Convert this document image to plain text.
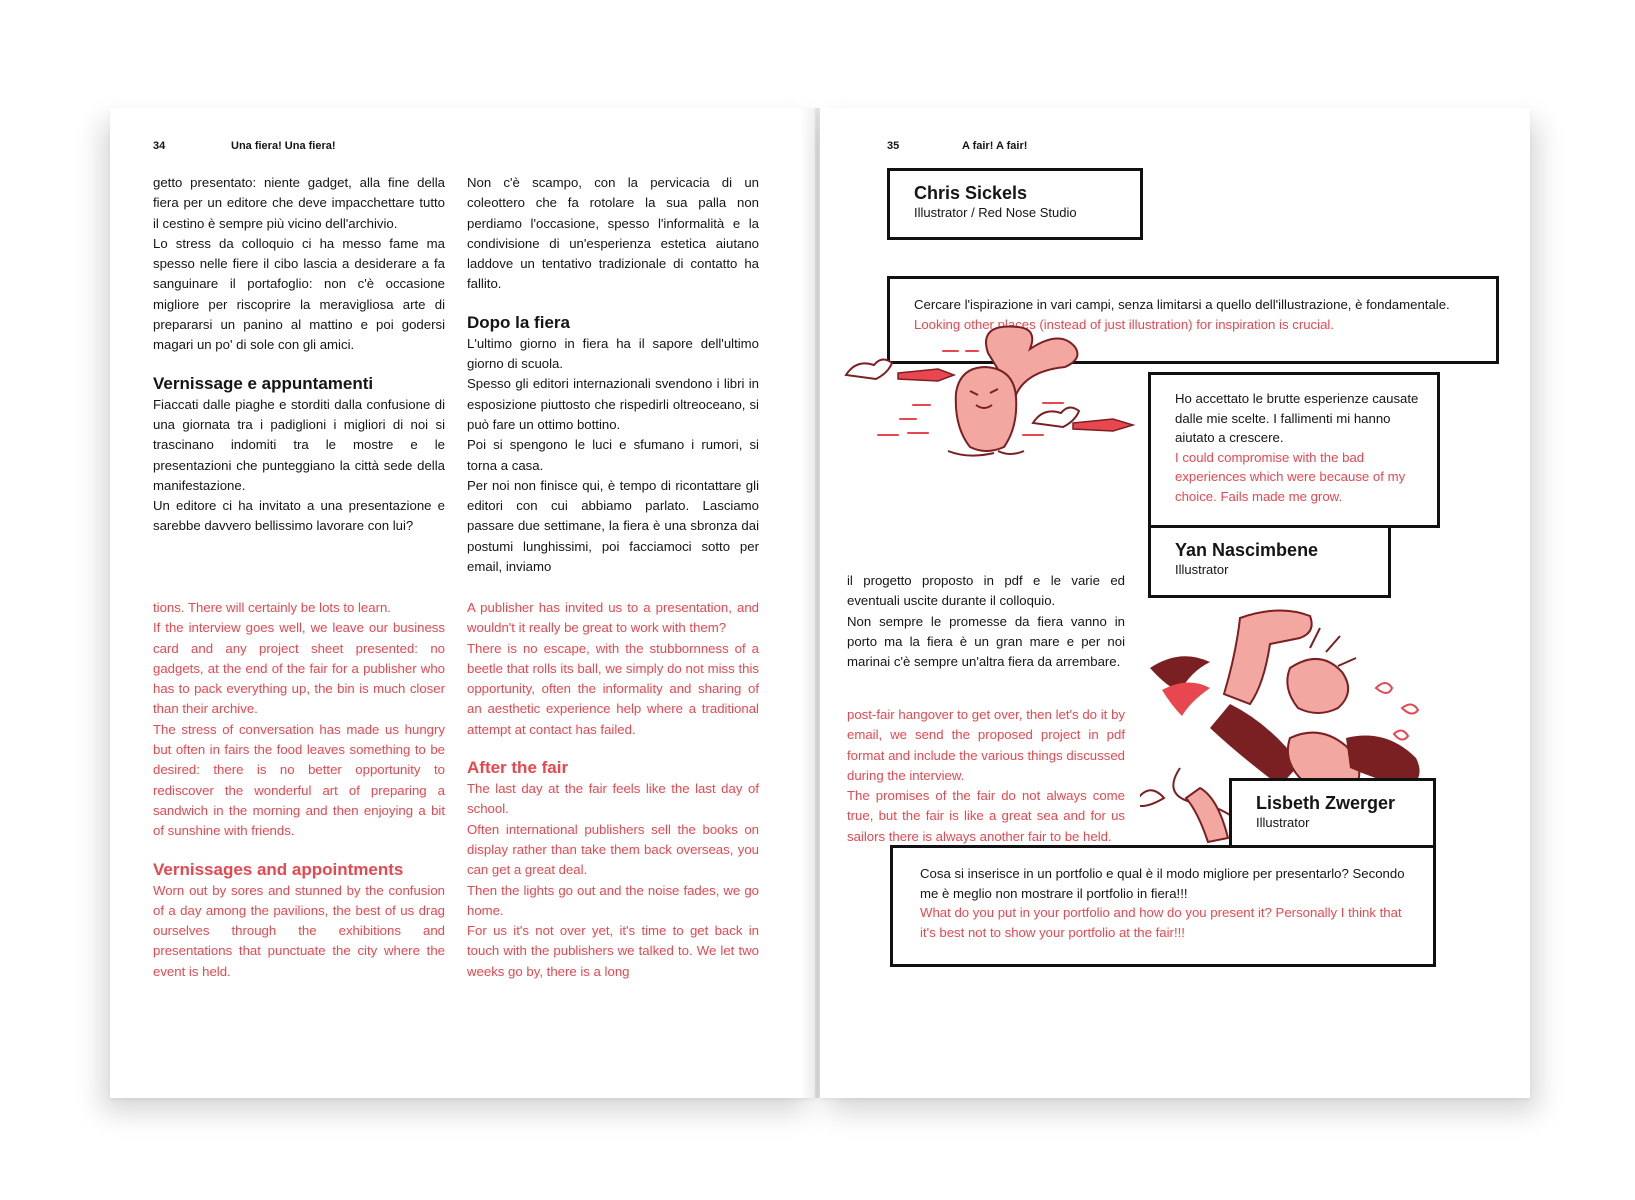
34	Una fiera! Una fiera!

getto presentato: niente gadget, alla fine della fiera per un editore che deve impacchettare tutto il cestino è sempre più vicino dell'archivio.

Lo stress da colloquio ci ha messo fame ma spesso nelle fiere il cibo lascia a desiderare a fa sanguinare il portafoglio: non c'è occasione migliore per riscoprire la meravigliosa arte di prepararsi un panino al mattino e poi godersi magari un po' di sole con gli amici.

Vernissage e appuntamenti

Fiaccati dalle piaghe e storditi dalla confusione di una giornata tra i padiglioni i migliori di noi si trascinano indomiti tra le mostre e le presentazioni che punteggiano la città sede della manifestazione.

Un editore ci ha invitato a una presentazione e sarebbe davvero bellissimo lavorare con lui?

Non c'è scampo, con la pervicacia di un coleottero che fa rotolare la sua palla non perdiamo l'occasione, spesso l'informalità e la condivisione di un'esperienza estetica aiutano laddove un tentativo tradizionale di contatto ha fallito.

Dopo la fiera

L'ultimo giorno in fiera ha il sapore dell'ultimo giorno di scuola.

Spesso gli editori internazionali svendono i libri in esposizione piuttosto che rispedirli oltreoceano, si può fare un ottimo bottino.

Poi si spengono le luci e sfumano i rumori, si torna a casa.

Per noi non finisce qui, è tempo di ricontattare gli editori con cui abbiamo parlato. Lasciamo passare due settimane, la fiera è una sbronza dai postumi lunghissimi, poi facciamoci sotto per email, inviamo

tions. There will certainly be lots to learn.

If the interview goes well, we leave our business card and any project sheet presented: no gadgets, at the end of the fair for a publisher who has to pack everything up, the bin is much closer than their archive.

The stress of conversation has made us hungry but often in fairs the food leaves something to be desired: there is no better opportunity to rediscover the wonderful art of preparing a sandwich in the morning and then enjoying a bit of sunshine with friends.

Vernissages and appointments

Worn out by sores and stunned by the confusion of a day among the pavilions, the best of us drag ourselves through the exhibitions and presentations that punctuate the city where the event is held.

A publisher has invited us to a presentation, and wouldn't it really be great to work with them?

There is no escape, with the stubbornness of a beetle that rolls its ball, we simply do not miss this opportunity, often the informality and sharing of an aesthetic experience help where a traditional attempt at contact has failed.

After the fair

The last day at the fair feels like the last day of school.

Often international publishers sell the books on display rather than take them back overseas, you can get a great deal.

Then the lights go out and the noise fades, we go home.

For us it's not over yet, it's time to get back in touch with the publishers we talked to. We let two weeks go by, there is a long

35	A fair! A fair!
Cercare l'ispirazione in vari campi, senza limitarsi a quello dell'illustrazione, è fondamentale.
Looking other places (instead of just illustration) for inspiration is crucial.
Chris Sickels
Illustrator / Red Nose Studio

il progetto proposto in pdf e le varie ed eventuali uscite durante il colloquio.

Non sempre le promesse da fiera vanno in porto ma la fiera è un gran mare e per noi marinai c'è sempre un'altra fiera da arrembare.

post-fair hangover to get over, then let's do it by email, we send the proposed project in pdf format and include the various things discussed during the interview.

The promises of the fair do not always come true, but the fair is like a great sea and for us sailors there is always another fair to be held.

Ho accettato le brutte esperienze causate dalle mie scelte. I fallimenti mi hanno aiutato a crescere.
I could compromise with the bad experiences which were because of my choice. Fails made me grow.
Yan Nascimbene
Illustrator
Lisbeth Zwerger
Illustrator
Cosa si inserisce in un portfolio e qual è il modo migliore per presentarlo? Secondo me è meglio non mostrare il portfolio in fiera!!!
What do you put in your portfolio and how do you present it? Personally I think that it's best not to show your portfolio at the fair!!!
